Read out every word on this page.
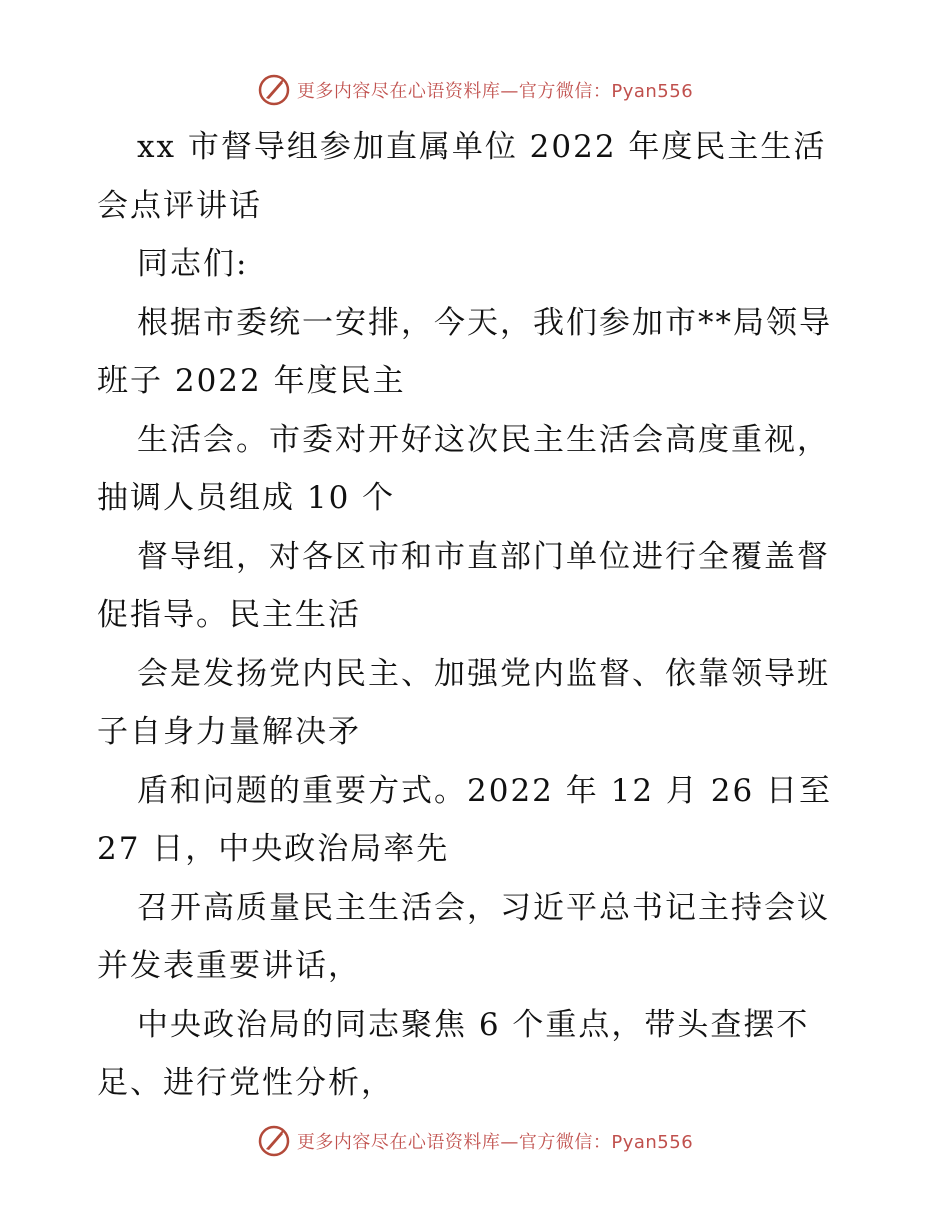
更多内容尽在心语资料库—官方微信：Pyan556
xx 市督导组参加直属单位 2022 年度民主生活
会点评讲话
同志们:
根据市委统一安排，今天，我们参加市**局领导
班子 2022 年度民主
生活会。市委对开好这次民主生活会高度重视，
抽调人员组成 10 个
督导组，对各区市和市直部门单位进行全覆盖督
促指导。民主生活
会是发扬党内民主、加强党内监督、依靠领导班
子自身力量解决矛
盾和问题的重要方式。2022 年 12 月 26 日至
27 日，中央政治局率先
召开高质量民主生活会，习近平总书记主持会议
并发表重要讲话，
中央政治局的同志聚焦 6 个重点，带头查摆不
足、进行党性分析，
更多内容尽在心语资料库—官方微信：Pyan556
